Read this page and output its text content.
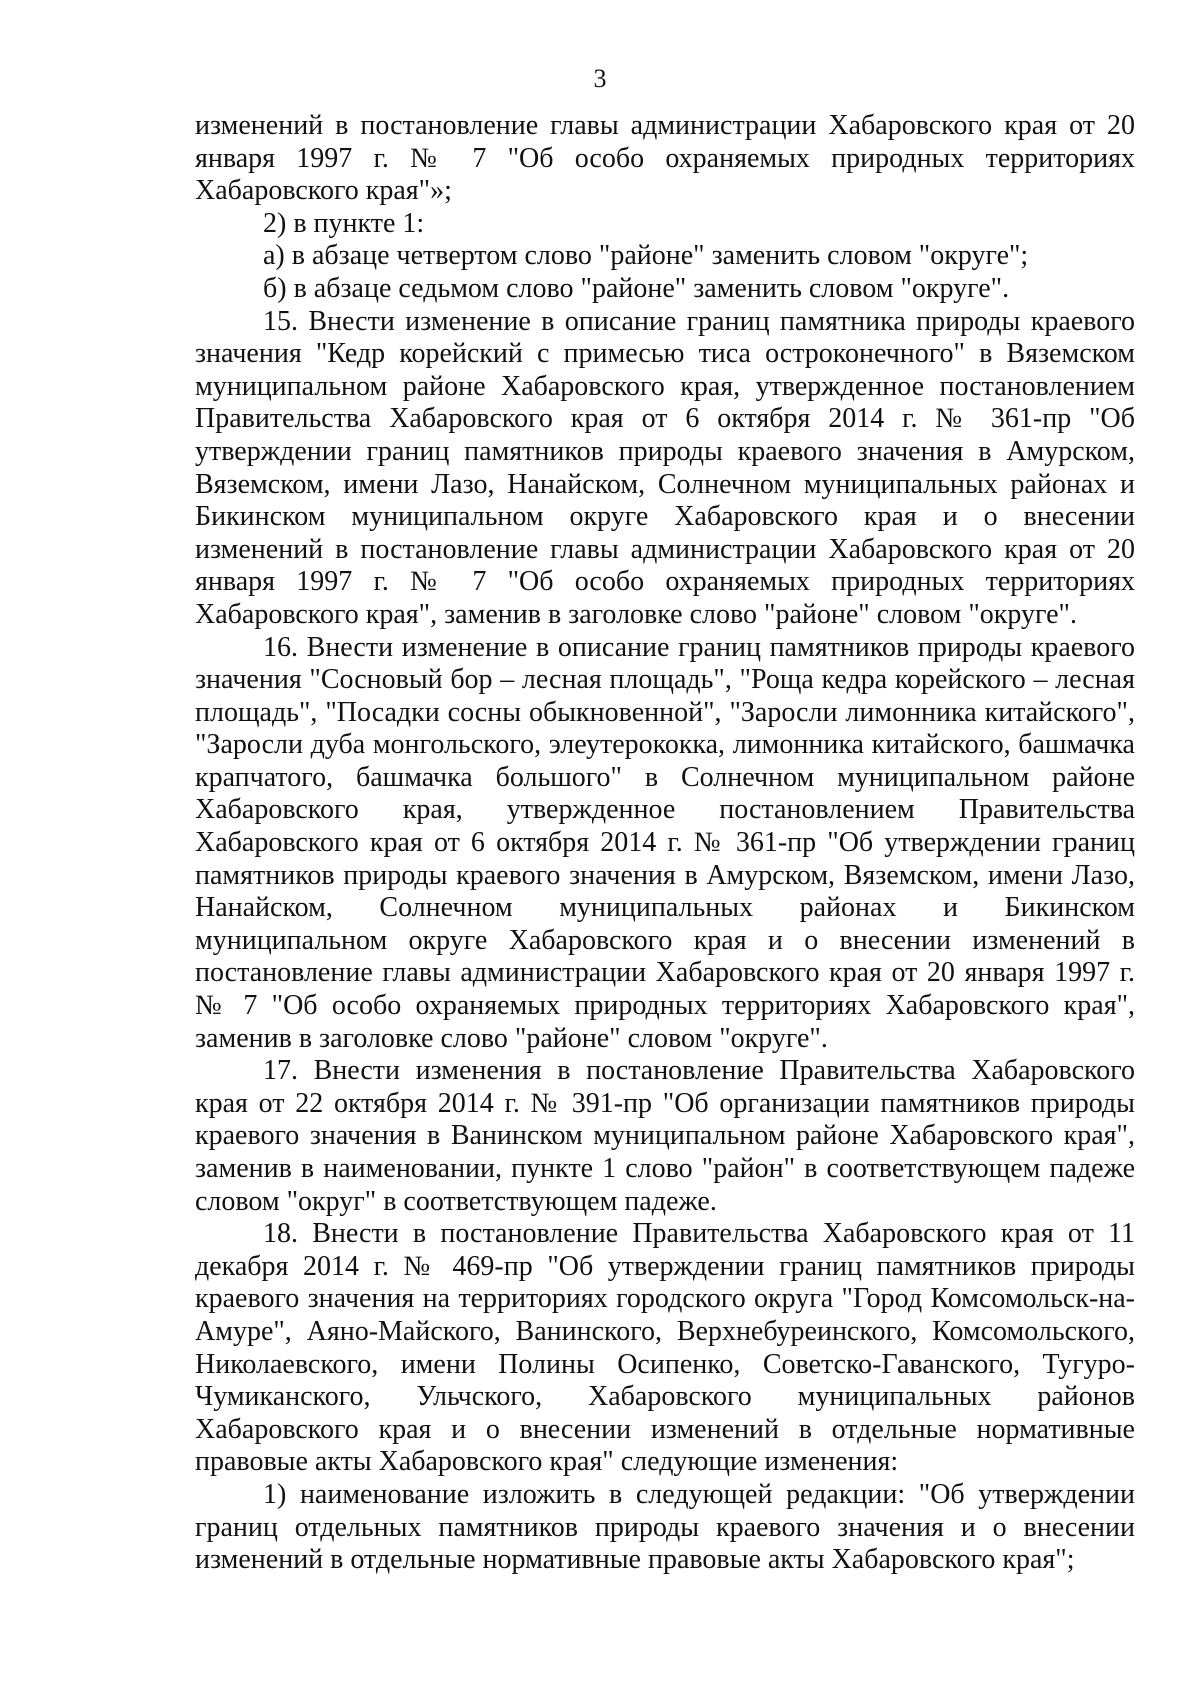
3

изменений в постановление главы администрации Хабаровского края от 20 января 1997 г. № 7 "Об особо охраняемых природных территориях Хабаровского края"»;

2) в пункте 1:

а) в абзаце четвертом слово "районе" заменить словом "округе";

б) в абзаце седьмом слово "районе" заменить словом "округе".

15. Внести изменение в описание границ памятника природы краевого значения "Кедр корейский с примесью тиса остроконечного" в Вяземском муниципальном районе Хабаровского края, утвержденное постановлением Правительства Хабаровского края от 6 октября 2014 г. № 361-пр "Об утверждении границ памятников природы краевого значения в Амурском, Вяземском, имени Лазо, Нанайском, Солнечном муниципальных районах и Бикинском муниципальном округе Хабаровского края и о внесении изменений в постановление главы администрации Хабаровского края от 20 января 1997 г. № 7 "Об особо охраняемых природных территориях Хабаровского края", заменив в заголовке слово "районе" словом "округе".

16. Внести изменение в описание границ памятников природы краевого значения "Сосновый бор – лесная площадь", "Роща кедра корейского – лесная площадь", "Посадки сосны обыкновенной", "Заросли лимонника китайского", "Заросли дуба монгольского, элеутерококка, лимонника китайского, башмачка крапчатого, башмачка большого" в Солнечном муниципальном районе Хабаровского края, утвержденное постановлением Правительства Хабаровского края от 6 октября 2014 г. № 361-пр "Об утверждении границ памятников природы краевого значения в Амурском, Вяземском, имени Лазо, Нанайском, Солнечном муниципальных районах и Бикинском муниципальном округе Хабаровского края и о внесении изменений в постановление главы администрации Хабаровского края от 20 января 1997 г. № 7 "Об особо охраняемых природных территориях Хабаровского края", заменив в заголовке слово "районе" словом "округе".

17. Внести изменения в постановление Правительства Хабаровского края от 22 октября 2014 г. № 391-пр "Об организации памятников природы краевого значения в Ванинском муниципальном районе Хабаровского края", заменив в наименовании, пункте 1 слово "район" в соответствующем падеже словом "округ" в соответствующем падеже.

18. Внести в постановление Правительства Хабаровского края от 11 декабря 2014 г. № 469-пр "Об утверждении границ памятников природы краевого значения на территориях городского округа "Город Комсомольск-на-Амуре", Аяно-Майского, Ванинского, Верхнебуреинского, Комсомольского, Николаевского, имени Полины Осипенко, Советско-Гаванского, Тугуро-Чумиканского, Ульчского, Хабаровского муниципальных районов Хабаровского края и о внесении изменений в отдельные нормативные правовые акты Хабаровского края" следующие изменения:

1) наименование изложить в следующей редакции: "Об утверждении границ отдельных памятников природы краевого значения и о внесении изменений в отдельные нормативные правовые акты Хабаровского края";
